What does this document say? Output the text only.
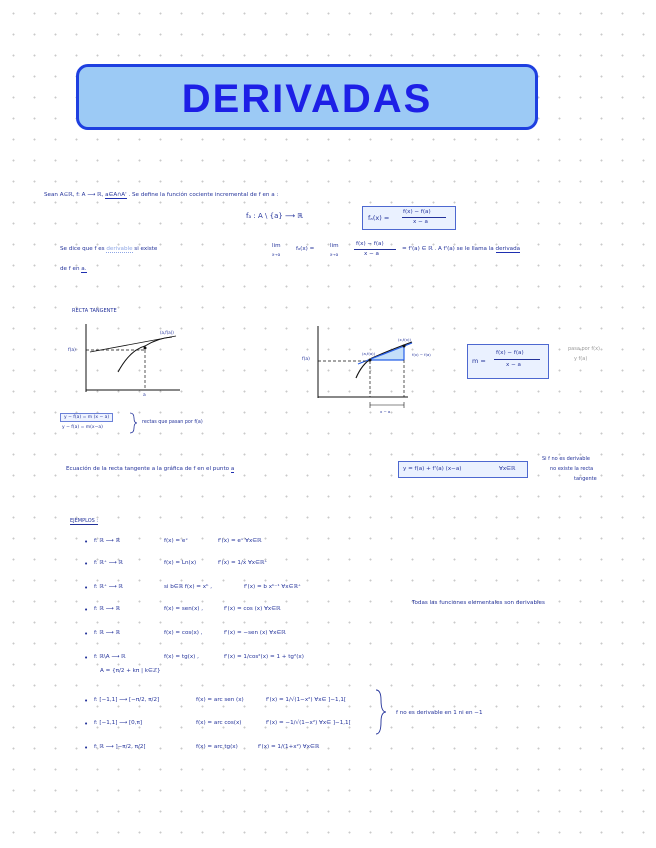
DERIVADAS
Sean A⊆ℝ, f: A ⟶ ℝ, a∈A∩A' . Se define la función cociente incremental de f en a :
fₐ : A \ {a} ⟶ ℝ	fₐ(x) =
f(x) − f(a)
x − a
Se dice que f es derivable si existe	lim
x→a
fₐ(x) =	lim
x→a
f(x) − f(a)
x − a
= f'(a) ∈ ℝ . A f'(a) se le llama la derivada
de f en a.
RECTA TANGENTE
f(a)
a
(a,f(a))
f(a)
(a,f(a))
(x,f(x))
f(x) − f(a)
x − a
m =
f(x) − f(a)
x − a
pasa por f(x)
y f(a)
y − f(a) = m (x − a)
y − f(a) = m(x−a)
rectas que pasan por f(a)
Ecuación de la recta tangente a la gráfica de f en el punto a	y = f(a) + f'(a) (x−a)	∀x∈ℝ
Si f no es derivable
no existe la recta
tangente
EJEMPLOS :
• f: ℝ ⟶ ℝ	f(x) = eˣ	f'(x) = eˣ ∀x∈ℝ
• f: ℝ⁺ ⟶ ℝ	f(x) = Ln(x)	f'(x) = 1/x ∀x∈ℝ⁺
• f: ℝ⁺ ⟶ ℝ	si b∈ℝ f(x) = xᵇ ,	f'(x) = b xᵇ⁻¹ ∀x∈ℝ⁺
• f: ℝ ⟶ ℝ	f(x) = sen(x) ,	f'(x) = cos (x) ∀x∈ℝ
• f: ℝ ⟶ ℝ	f(x) = cos(x) ,	f'(x) = −sen (x) ∀x∈ℝ
• f: ℝ\A ⟶ ℝ	f(x) = tg(x) ,	f'(x) = 1/cos²(x) = 1 + tg²(x)
A = {π/2 + kπ | k∈ℤ}
Todas las funciones elementales son derivables
• f: [−1,1] ⟶ [−π/2, π/2]	f(x) = arc sen (x)	f'(x) = 1/√(1−x²) ∀x∈ ]−1,1[
• f: [−1,1] ⟶ [0,π]	f(x) = arc cos(x)	f'(x) = −1/√(1−x²) ∀x∈ ]−1,1[
• f: ℝ ⟶ ]−π/2, π/2[	f(x) = arc tg(x)	f'(x) = 1/(1+x²) ∀x∈ℝ
f no es derivable en 1 ni en −1
